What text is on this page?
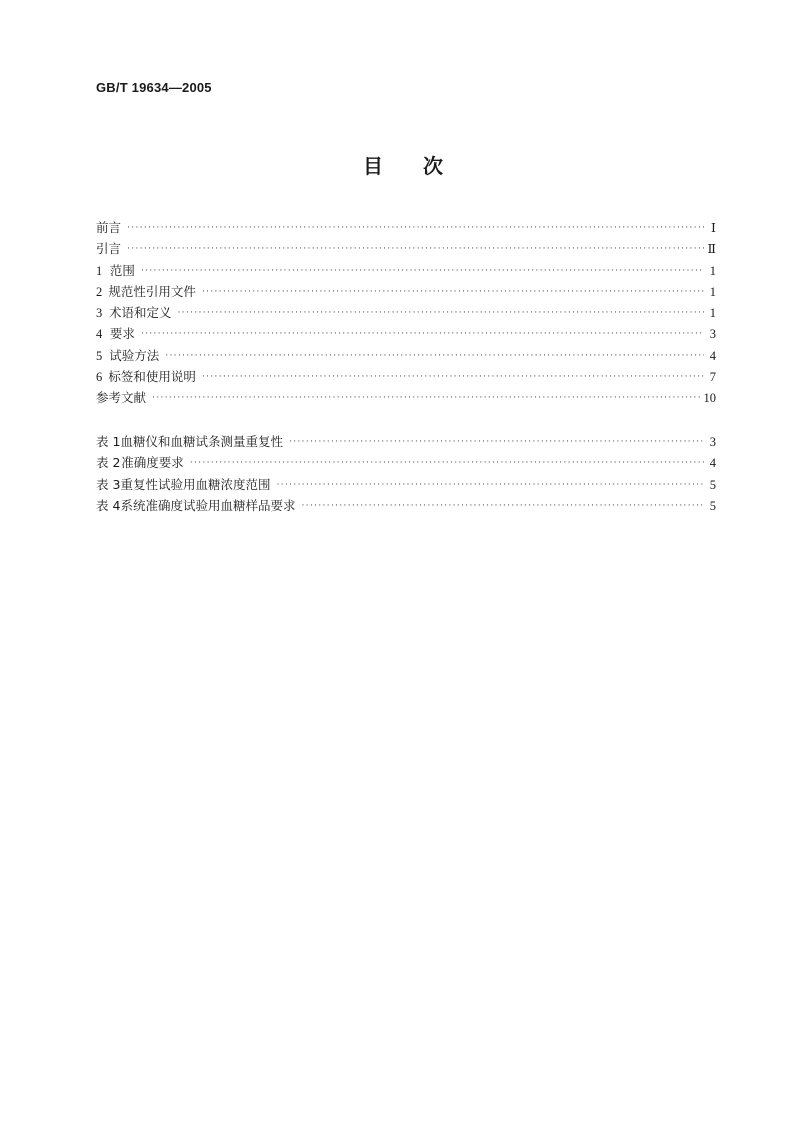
GB/T 19634—2005
目 次
前言 ·····	Ⅰ
引言 ·····	Ⅱ
1 范围 ·····	1
2 规范性引用文件 ·····	1
3 术语和定义 ·····	1
4 要求 ·····	3
5 试验方法 ·····	4
6 标签和使用说明 ·····	7
参考文献 ·····	10
表 1 血糖仪和血糖试条测量重复性 ·····	3
表 2 准确度要求 ·····	4
表 3 重复性试验用血糖浓度范围 ·····	5
表 4 系统准确度试验用血糖样品要求 ·····	5
